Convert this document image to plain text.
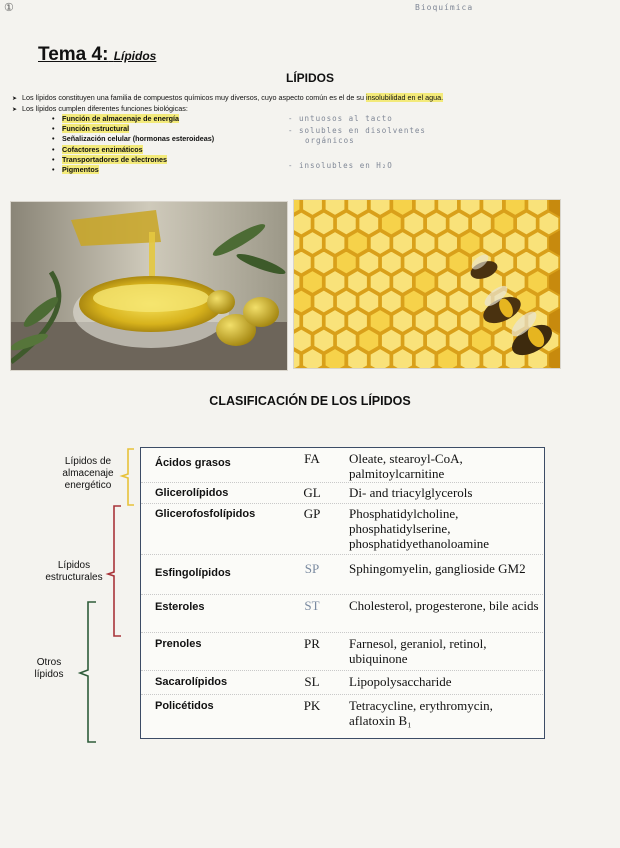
①	Bioquímica
Tema 4: Lípidos
LÍPIDOS
➤ Los lípidos constituyen una familia de compuestos químicos muy diversos, cuyo aspecto común es el de su insolubilidad en el agua.
➤ Los lípidos cumplen diferentes funciones biológicas:
• Función de almacenaje de energía
• Función estructural
• Señalización celular (hormonas esteroideas)
• Cofactores enzimáticos
• Transportadores de electrones
• Pigmentos
- untuosos al tacto
- solubles en disolventes
orgánicos
- insolubles en H₂O
CLASIFICACIÓN DE LOS LÍPIDOS
Lípidos de almacenaje energético
Lípidos estructurales
Otros lípidos
Ácidos grasos	FA	Oleate, stearoyl-CoA, palmitoylcarnitine
Glicerolípidos	GL	Di- and triacylglycerols
Glicerofosfolípidos	GP	Phosphatidylcholine, phosphatidylserine, phosphatidyethanoloamine
Esfingolípidos	SP	Sphingomyelin, ganglioside GM2
Esteroles	ST	Cholesterol, progesterone, bile acids
Prenoles	PR	Farnesol, geraniol, retinol, ubiquinone
Sacarolípidos	SL	Lipopolysaccharide
Policétidos	PK	Tetracycline, erythromycin, aflatoxin B₁
